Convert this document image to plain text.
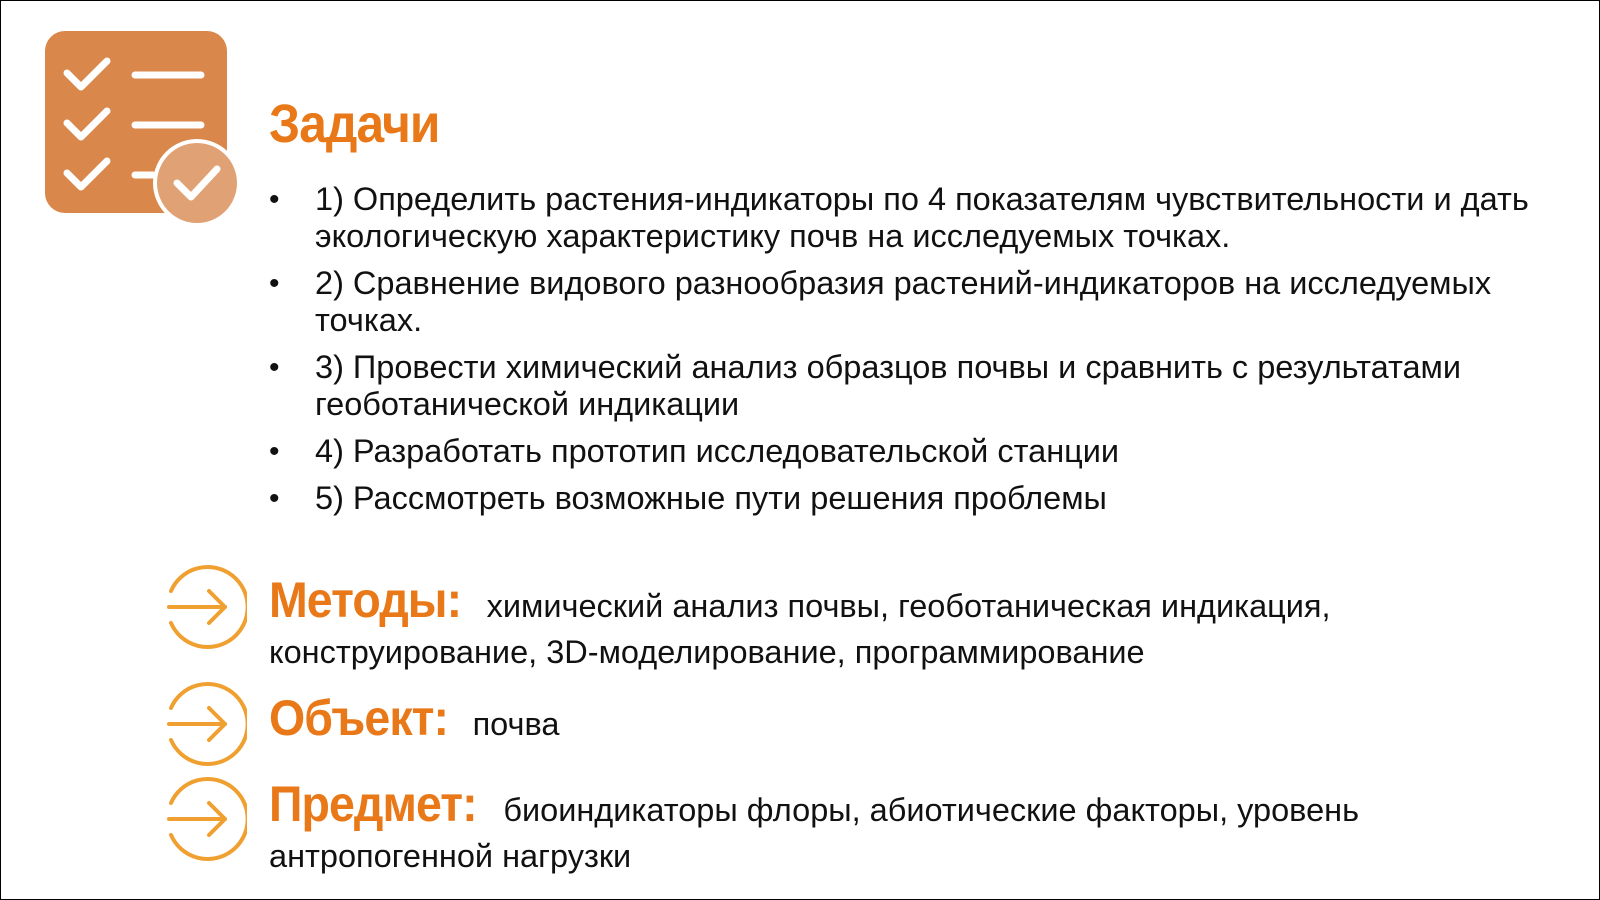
Задачи
• 1) Определить растения-индикаторы по 4 показателям чувствительности и дать экологическую характеристику почв на исследуемых точках.
• 2) Сравнение видового разнообразия растений-индикаторов на исследуемых точках.
• 3) Провести химический анализ образцов почвы и сравнить с результатами геоботанической индикации
• 4) Разработать прототип исследовательской станции
• 5) Рассмотреть возможные пути решения проблемы
Методы: химический анализ почвы, геоботаническая индикация, конструирование, 3D-моделирование, программирование
Объект: почва
Предмет: биоиндикаторы флоры, абиотические факторы, уровень антропогенной нагрузки
